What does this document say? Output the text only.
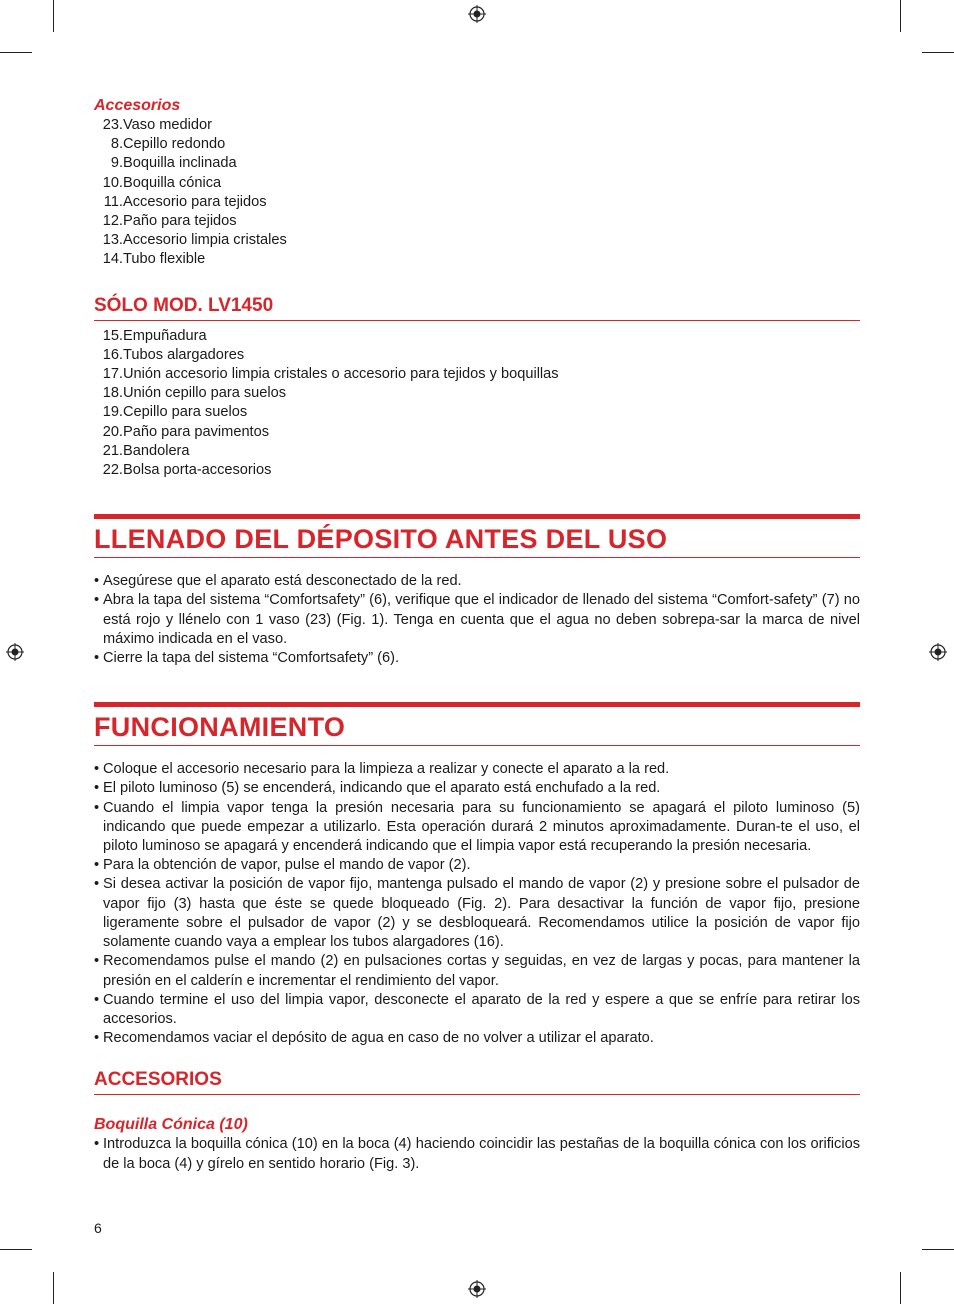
Accesorios
23. Vaso medidor
8. Cepillo redondo
9. Boquilla inclinada
10. Boquilla cónica
11. Accesorio para tejidos
12. Paño para tejidos
13. Accesorio limpia cristales
14. Tubo flexible
SÓLO MOD. LV1450
15. Empuñadura
16. Tubos alargadores
17. Unión accesorio limpia cristales o accesorio para tejidos y boquillas
18. Unión cepillo para suelos
19. Cepillo para suelos
20. Paño para pavimentos
21. Bandolera
22. Bolsa porta-accesorios
LLENADO DEL DÉPOSITO ANTES DEL USO
• Asegúrese que el aparato está desconectado de la red.
• Abra la tapa del sistema “Comfortsafety” (6), verifique que el indicador de llenado del sistema “Comfort-safety” (7) no está rojo y llénelo con 1 vaso (23) (Fig. 1). Tenga en cuenta que el agua no deben sobrepa-sar la marca de nivel máximo indicada en el vaso.
• Cierre la tapa del sistema “Comfortsafety” (6).
FUNCIONAMIENTO
• Coloque el accesorio necesario para la limpieza a realizar y conecte el aparato a la red.
• El piloto luminoso (5) se encenderá, indicando que el aparato está enchufado a la red.
• Cuando el limpia vapor tenga la presión necesaria para su funcionamiento se apagará el piloto luminoso (5) indicando que puede empezar a utilizarlo. Esta operación durará 2 minutos aproximadamente. Duran-te el uso, el piloto luminoso se apagará y encenderá indicando que el limpia vapor está recuperando la presión necesaria.
• Para la obtención de vapor, pulse el mando de vapor (2).
• Si desea activar la posición de vapor fijo, mantenga pulsado el mando de vapor (2) y presione sobre el pulsador de vapor fijo (3) hasta que éste se quede bloqueado (Fig. 2). Para desactivar la función de vapor fijo, presione ligeramente sobre el pulsador de vapor (2) y se desbloqueará. Recomendamos utilice la posición de vapor fijo solamente cuando vaya a emplear los tubos alargadores (16).
• Recomendamos pulse el mando (2) en pulsaciones cortas y seguidas, en vez de largas y pocas, para mantener la presión en el calderín e incrementar el rendimiento del vapor.
• Cuando termine el uso del limpia vapor, desconecte el aparato de la red y espere a que se enfríe para retirar los accesorios.
• Recomendamos vaciar el depósito de agua en caso de no volver a utilizar el aparato.
ACCESORIOS
Boquilla Cónica (10)
• Introduzca la boquilla cónica (10) en la boca (4) haciendo coincidir las pestañas de la boquilla cónica con los orificios de la boca (4) y gírelo en sentido horario (Fig. 3).
6
